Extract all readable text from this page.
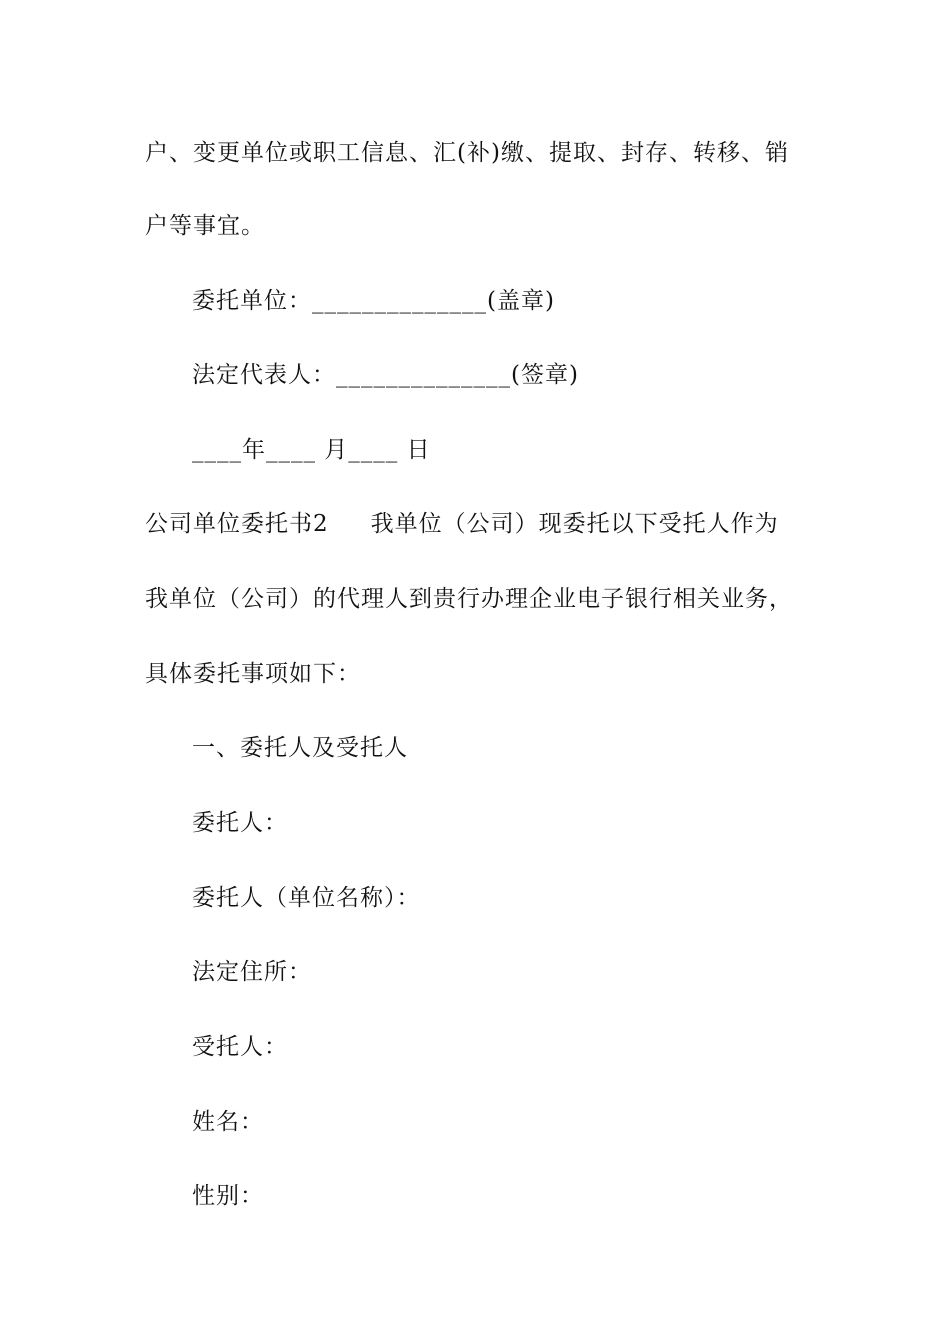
户、变更单位或职工信息、汇(补)缴、提取、封存、转移、销
户等事宜。
委托单位：______________(盖章)
法定代表人：______________(签章)
____年____ 月____ 日
公司单位委托书2 我单位（公司）现委托以下受托人作为
我单位（公司）的代理人到贵行办理企业电子银行相关业务，
具体委托事项如下：
一、委托人及受托人
委托人：
委托人（单位名称）：
法定住所：
受托人：
姓名：
性别：
